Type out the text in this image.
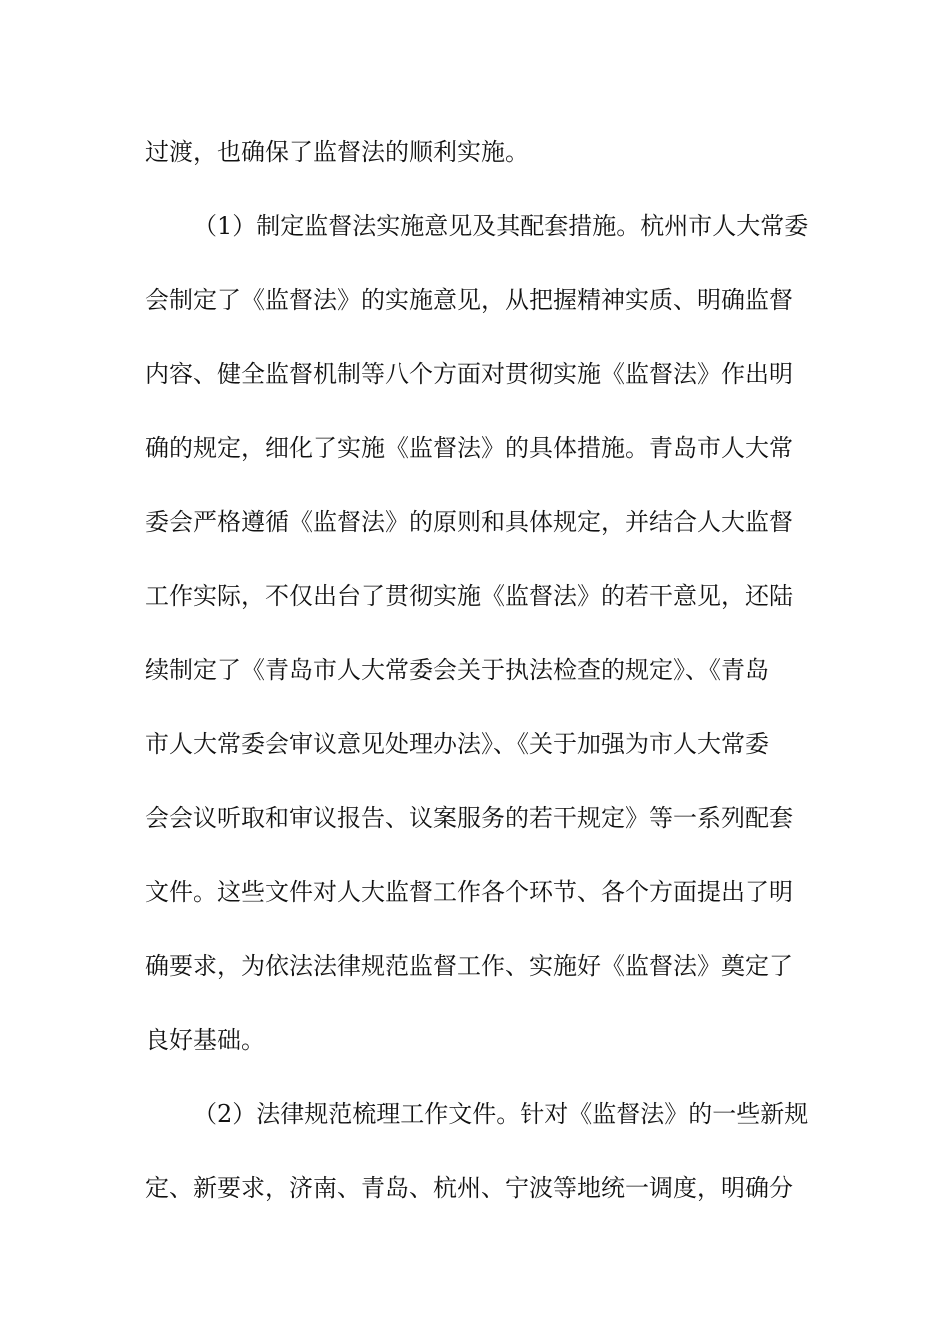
过渡，也确保了监督法的顺利实施。
（1）制定监督法实施意见及其配套措施。杭州市人大常委
会制定了《监督法》的实施意见，从把握精神实质、明确监督
内容、健全监督机制等八个方面对贯彻实施《监督法》作出明
确的规定，细化了实施《监督法》的具体措施。青岛市人大常
委会严格遵循《监督法》的原则和具体规定，并结合人大监督
工作实际，不仅出台了贯彻实施《监督法》的若干意见，还陆
续制定了《青岛市人大常委会关于执法检查的规定》、《青岛
市人大常委会审议意见处理办法》、《关于加强为市人大常委
会会议听取和审议报告、议案服务的若干规定》等一系列配套
文件。这些文件对人大监督工作各个环节、各个方面提出了明
确要求，为依法法律规范监督工作、实施好《监督法》奠定了
良好基础。
（2）法律规范梳理工作文件。针对《监督法》的一些新规
定、新要求，济南、青岛、杭州、宁波等地统一调度，明确分
